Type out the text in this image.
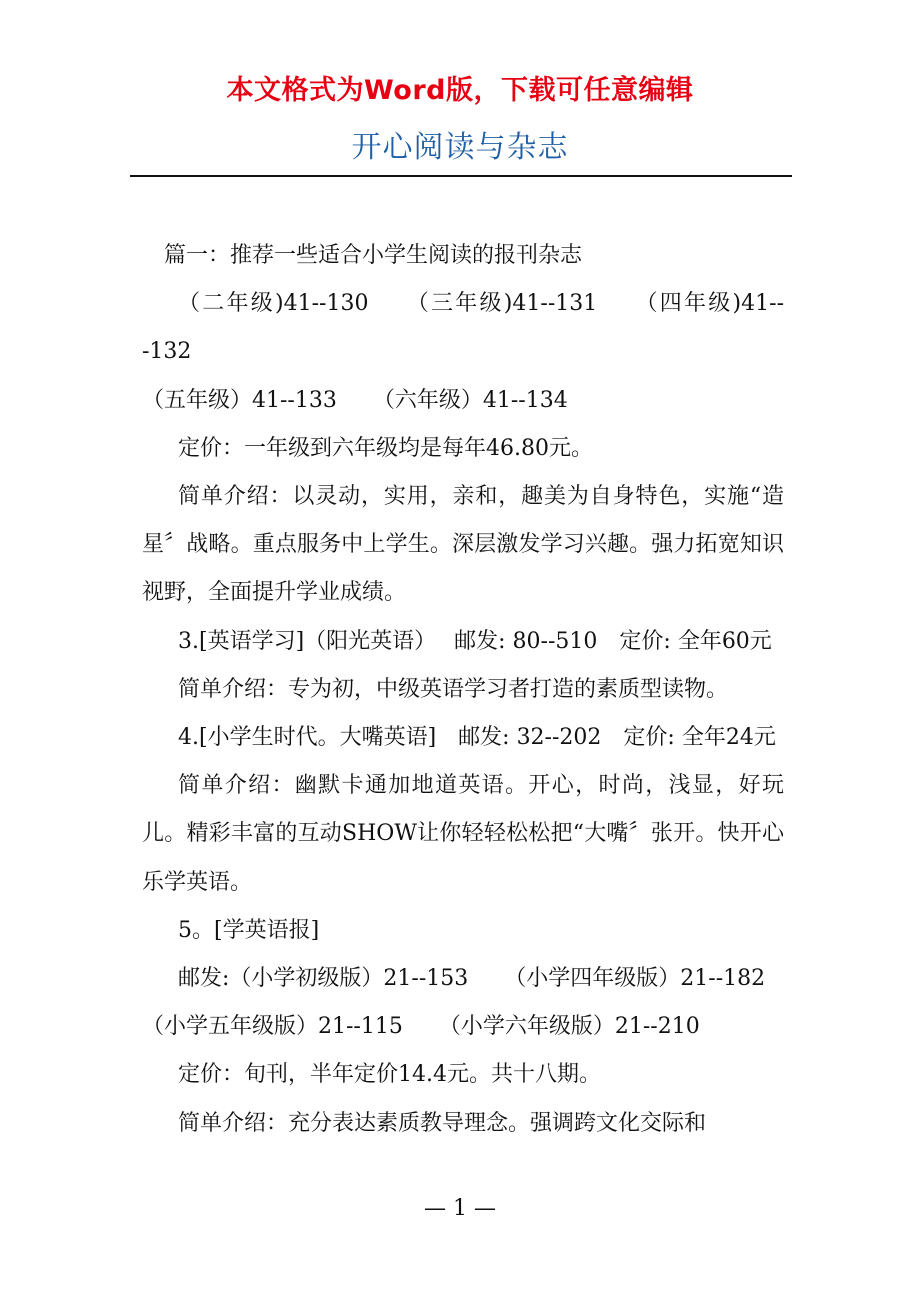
本文格式为Word版，下载可任意编辑
开心阅读与杂志

篇一：推荐一些适合小学生阅读的报刊杂志

（二年级)41--130 （三年级)41--131 （四年级)41---132

（五年级）41--133 （六年级）41--134

定价：一年级到六年级均是每年46.80元。

简单介绍：以灵动，实用，亲和，趣美为自身特色，实施“造星〞战略。重点服务中上学生。深层激发学习兴趣。强力拓宽知识视野，全面提升学业成绩。

3.[英语学习]（阳光英语）　 邮发: 80--510　定价: 全年60元

简单介绍：专为初，中级英语学习者打造的素质型读物。

4.[小学生时代。大嘴英语]　邮发: 32--202　定价: 全年24元

简单介绍：幽默卡通加地道英语。开心，时尚，浅显，好玩儿。精彩丰富的互动SHOW让你轻轻松松把“大嘴〞张开。快开心乐学英语。

5。[学英语报]

邮发:（小学初级版）21--153 （小学四年级版）21--182

（小学五年级版）21--115 （小学六年级版）21--210

定价：旬刊，半年定价14.4元。共十八期。

简单介绍：充分表达素质教导理念。强调跨文化交际和

— 1 —
